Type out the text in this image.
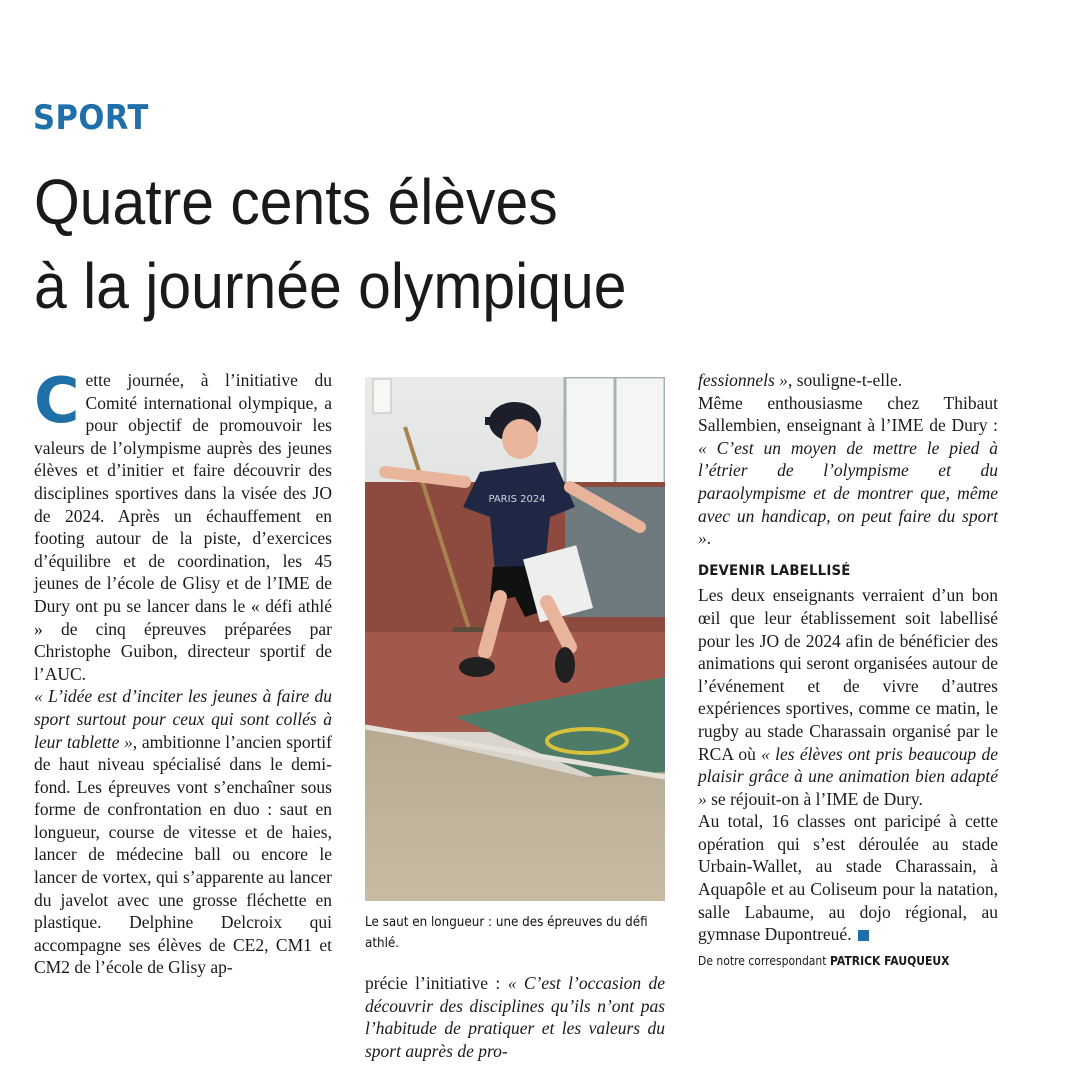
SPORT
Quatre cents élèves
à la journée olympique

Cette journée, à l’initiative du Comité international olympique, a pour objectif de promouvoir les valeurs de l’olympisme auprès des jeunes élèves et d’initier et faire découvrir des disciplines sportives dans la visée des JO de 2024. Après un échauffement en footing autour de la piste, d’exercices d’équilibre et de coordination, les 45 jeunes de l’école de Glisy et de l’IME de Dury ont pu se lancer dans le « défi athlé » de cinq épreuves préparées par Christophe Guibon, directeur sportif de l’AUC.

« L’idée est d’inciter les jeunes à faire du sport surtout pour ceux qui sont collés à leur tablette », ambitionne l’ancien sportif de haut niveau spécialisé dans le demi-fond. Les épreuves vont s’enchaîner sous forme de confrontation en duo : saut en longueur, course de vitesse et de haies, lancer de médecine ball ou encore le lancer de vortex, qui s’apparente au lancer du javelot avec une grosse fléchette en plastique. Delphine Delcroix qui accompagne ses élèves de CE2, CM1 et CM2 de l’école de Glisy ap-

PARIS 2024
Le saut en longueur : une des épreuves du défi athlé.

précie l’initiative : « C’est l’occasion de découvrir des disciplines qu’ils n’ont pas l’habitude de pratiquer et les valeurs du sport auprès de pro-

fessionnels », souligne-t-elle.

Même enthousiasme chez Thibaut Sallembien, enseignant à l’IME de Dury : « C’est un moyen de mettre le pied à l’étrier de l’olympisme et du paraolympisme et de montrer que, même avec un handicap, on peut faire du sport ».

DEVENIR LABELLISÉ

Les deux enseignants verraient d’un bon œil que leur établissement soit labellisé pour les JO de 2024 afin de bénéficier des animations qui seront organisées autour de l’événement et de vivre d’autres expériences sportives, comme ce matin, le rugby au stade Charassain organisé par le RCA où « les élèves ont pris beaucoup de plaisir grâce à une animation bien adapté » se réjouit-on à l’IME de Dury.

Au total, 16 classes ont paricipé à cette opération qui s’est déroulée au stade Urbain-Wallet, au stade Charassain, à Aquapôle et au Coliseum pour la natation, salle Labaume, au dojo régional, au gymnase Dupontreué.

De notre correspondant PATRICK FAUQUEUX
